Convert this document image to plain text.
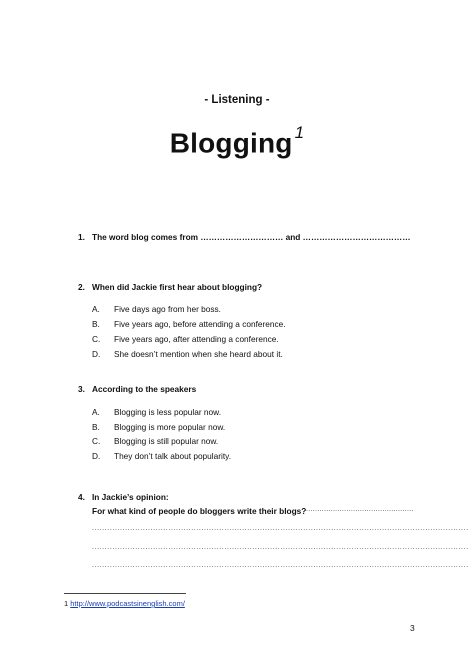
- Listening -
Blogging $^1$
1. The word blog comes from ………………………… and …………………………………
2. When did Jackie first hear about blogging?
A. Five days ago from her boss.
B. Five years ago, before attending a conference.
C. Five years ago, after attending a conference.
D. She doesn’t mention when she heard about it.
3. According to the speakers
A. Blogging is less popular now.
B. Blogging is more popular now.
C. Blogging is still popular now.
D. They don’t talk about popularity.
4. In Jackie’s opinion:
For what kind of people do bloggers write their blogs? ................................................
....................................................................................................................................................
....................................................................................................................................................
....................................................................................................................................................
1 http://www.podcastsinenglish.com/
3
